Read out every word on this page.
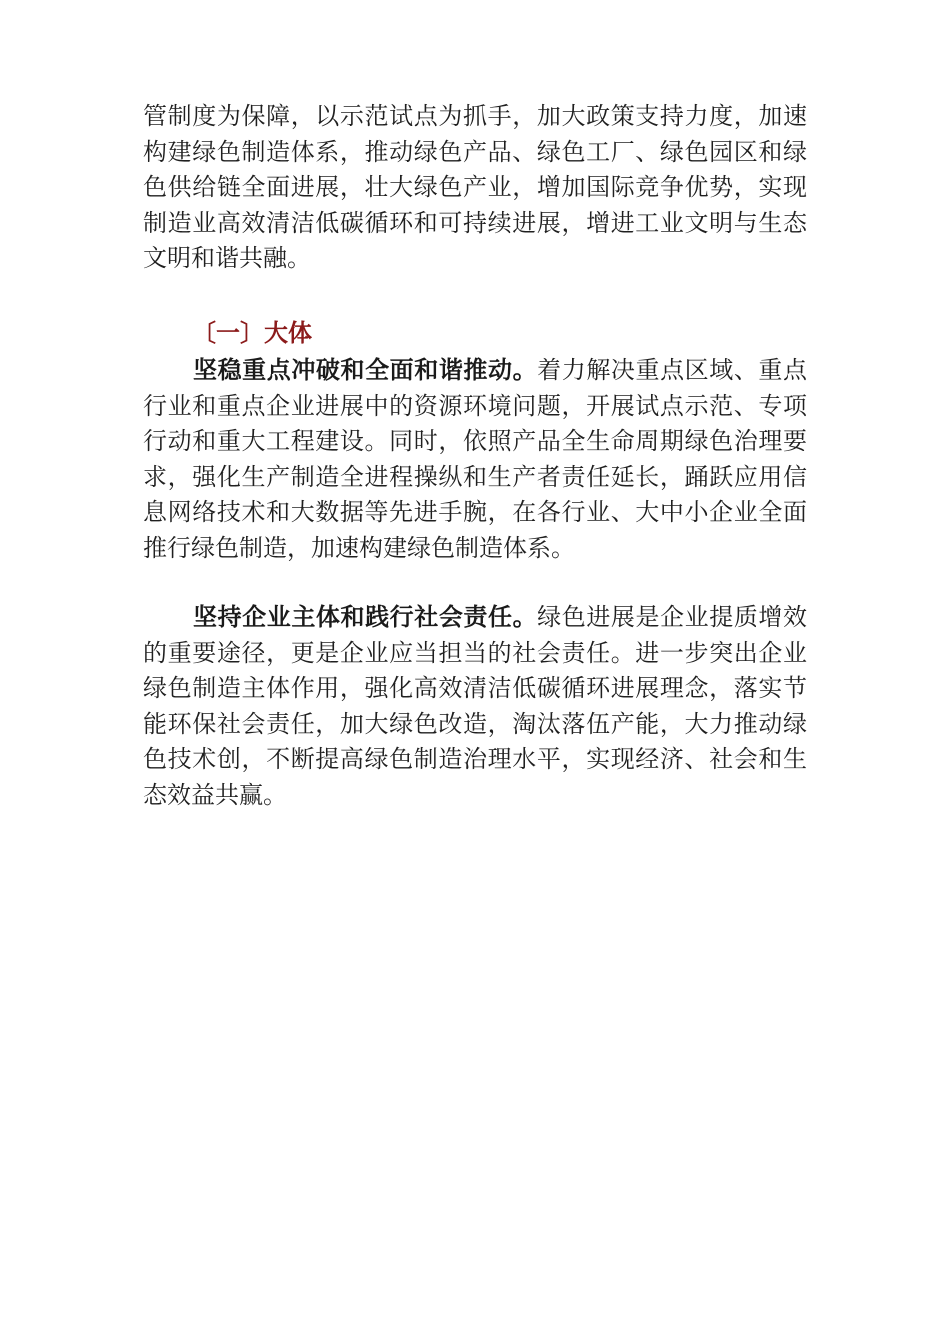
管制度为保障，以示范试点为抓手，加大政策支持力度，加速构建绿色制造体系，推动绿色产品、绿色工厂、绿色园区和绿色供给链全面进展，壮大绿色产业，增加国际竞争优势，实现制造业高效清洁低碳循环和可持续进展，增进工业文明与生态文明和谐共融。

〔一〕大体

坚稳重点冲破和全面和谐推动。着力解决重点区域、重点行业和重点企业进展中的资源环境问题，开展试点示范、专项行动和重大工程建设。同时，依照产品全生命周期绿色治理要求，强化生产制造全进程操纵和生产者责任延长，踊跃应用信息网络技术和大数据等先进手腕，在各行业、大中小企业全面推行绿色制造，加速构建绿色制造体系。

坚持企业主体和践行社会责任。绿色进展是企业提质增效的重要途径，更是企业应当担当的社会责任。进一步突出企业绿色制造主体作用，强化高效清洁低碳循环进展理念，落实节能环保社会责任，加大绿色改造，淘汰落伍产能，大力推动绿色技术创，不断提高绿色制造治理水平，实现经济、社会和生态效益共赢。
